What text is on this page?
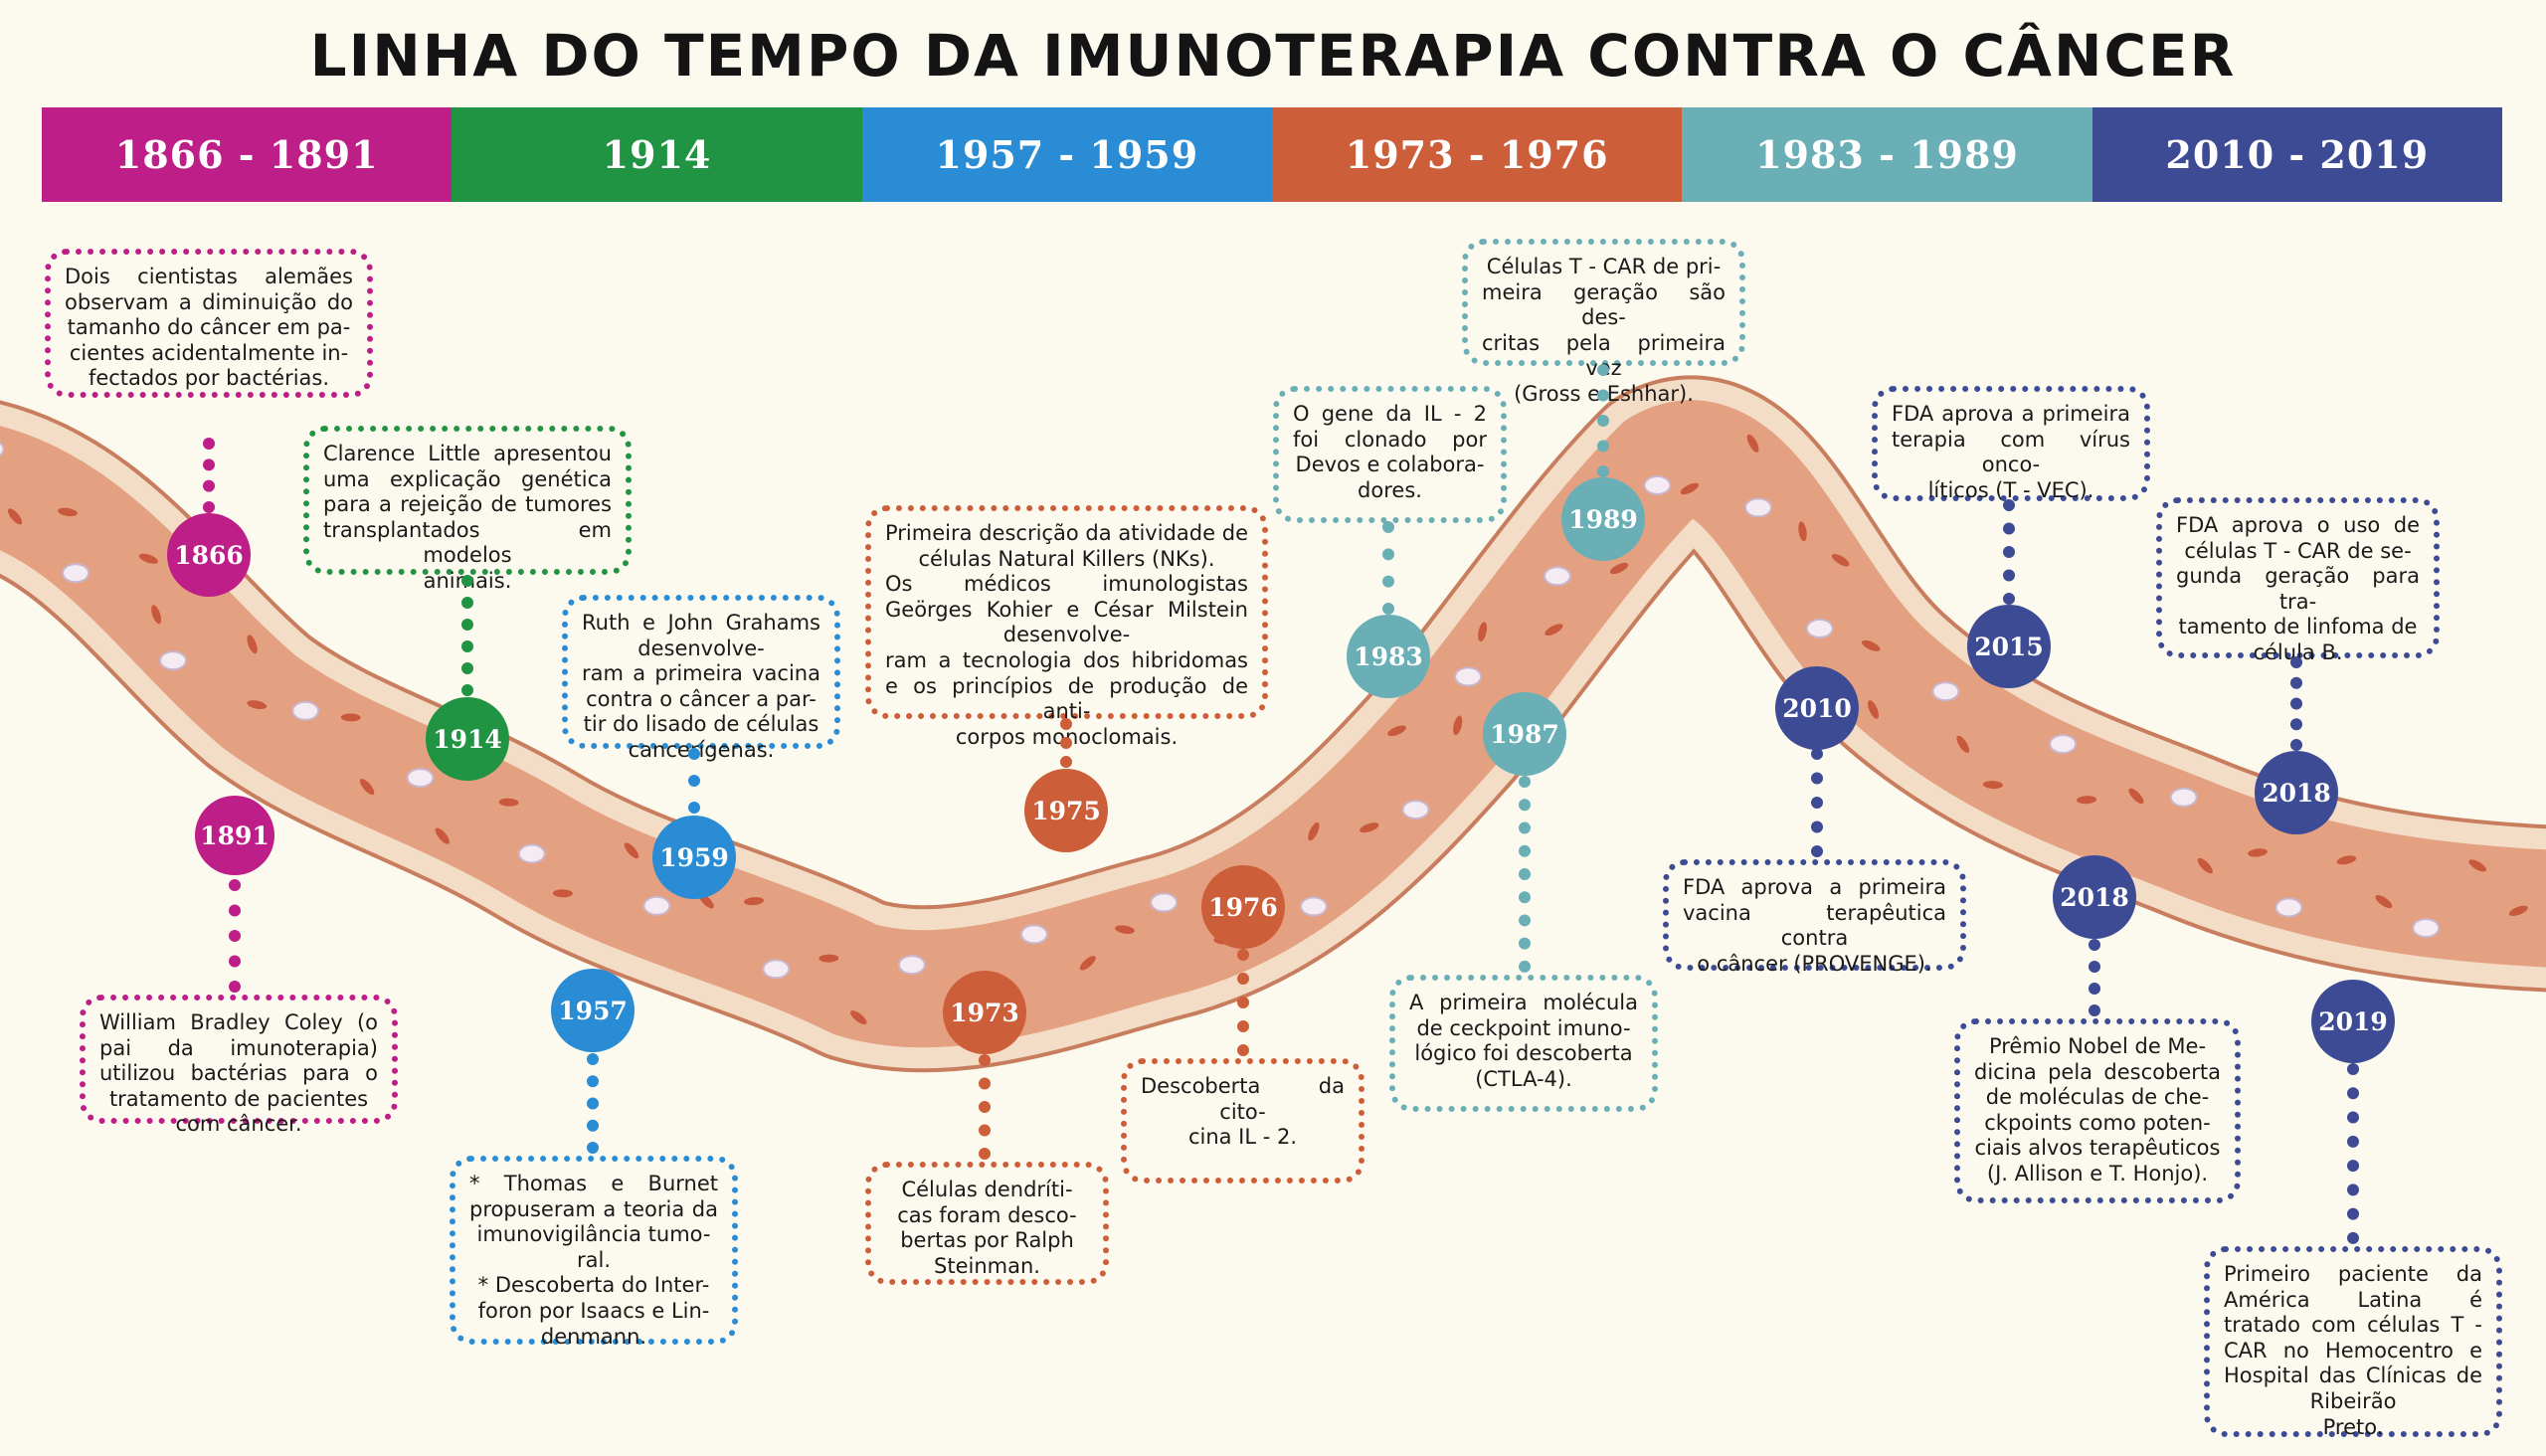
LINHA DO TEMPO DA IMUNOTERAPIA CONTRA O CÂNCER
1866 - 1891	1914	1957 - 1959	1973 - 1976	1983 - 1989	2010 - 2019
Dois cientistas alemães observam a diminuição do tamanho do câncer em pa-
cientes acidentalmente in-
fectados por bactérias.
1866
William Bradley Coley (o pai da imunoterapia) utilizou bactérias para o tratamento de pacientes
com câncer.
1891
Clarence Little apresentou uma explicação genética para a rejeição de tumores transplantados em modelos
animais.
1914
* Thomas e Burnet propuseram a teoria da imunovigilância tumo-
ral.
* Descoberta do Inter-
foron por Isaacs e Lin-
denmann.
1957
Ruth e John Grahams desenvolve-
ram a primeira vacina contra o câncer a par-
tir do lisado de células
cancerígenas.
1959
Células dendríti-
cas foram desco-
bertas por Ralph
Steinman.
1973
Primeira descrição da atividade de células Natural Killers (NKs).
Os médicos imunologistas Geörges Kohier e César Milstein desenvolve-
ram a tecnologia dos hibridomas e os princípios de produção de anti-
corpos monoclomais.
1975
Descoberta da cito-
cina IL - 2.
1976
O gene da IL - 2 foi clonado por Devos e colabora-
dores.
1983
A primeira molécula de ceckpoint imuno-
lógico foi descoberta
(CTLA-4).
1987
Células T - CAR de pri-
meira geração são des-
critas pela primeira vez
(Gross e Eshhar).
1989
FDA aprova a primeira vacina terapêutica contra
o câncer (PROVENGE).
2010
FDA aprova a primeira terapia com vírus onco-
líticos (T - VEC).
2015
FDA aprova o uso de células T - CAR de se-
gunda geração para tra-
tamento de linfoma de
célula B.
2018
Prêmio Nobel de Me-
dicina pela descoberta de moléculas de che-
ckpoints como poten-
ciais alvos terapêuticos
(J. Allison e T. Honjo).
2018
Primeiro paciente da América Latina é tratado com células T - CAR no Hemocentro e Hospital das Clínicas de Ribeirão
Preto.
2019
